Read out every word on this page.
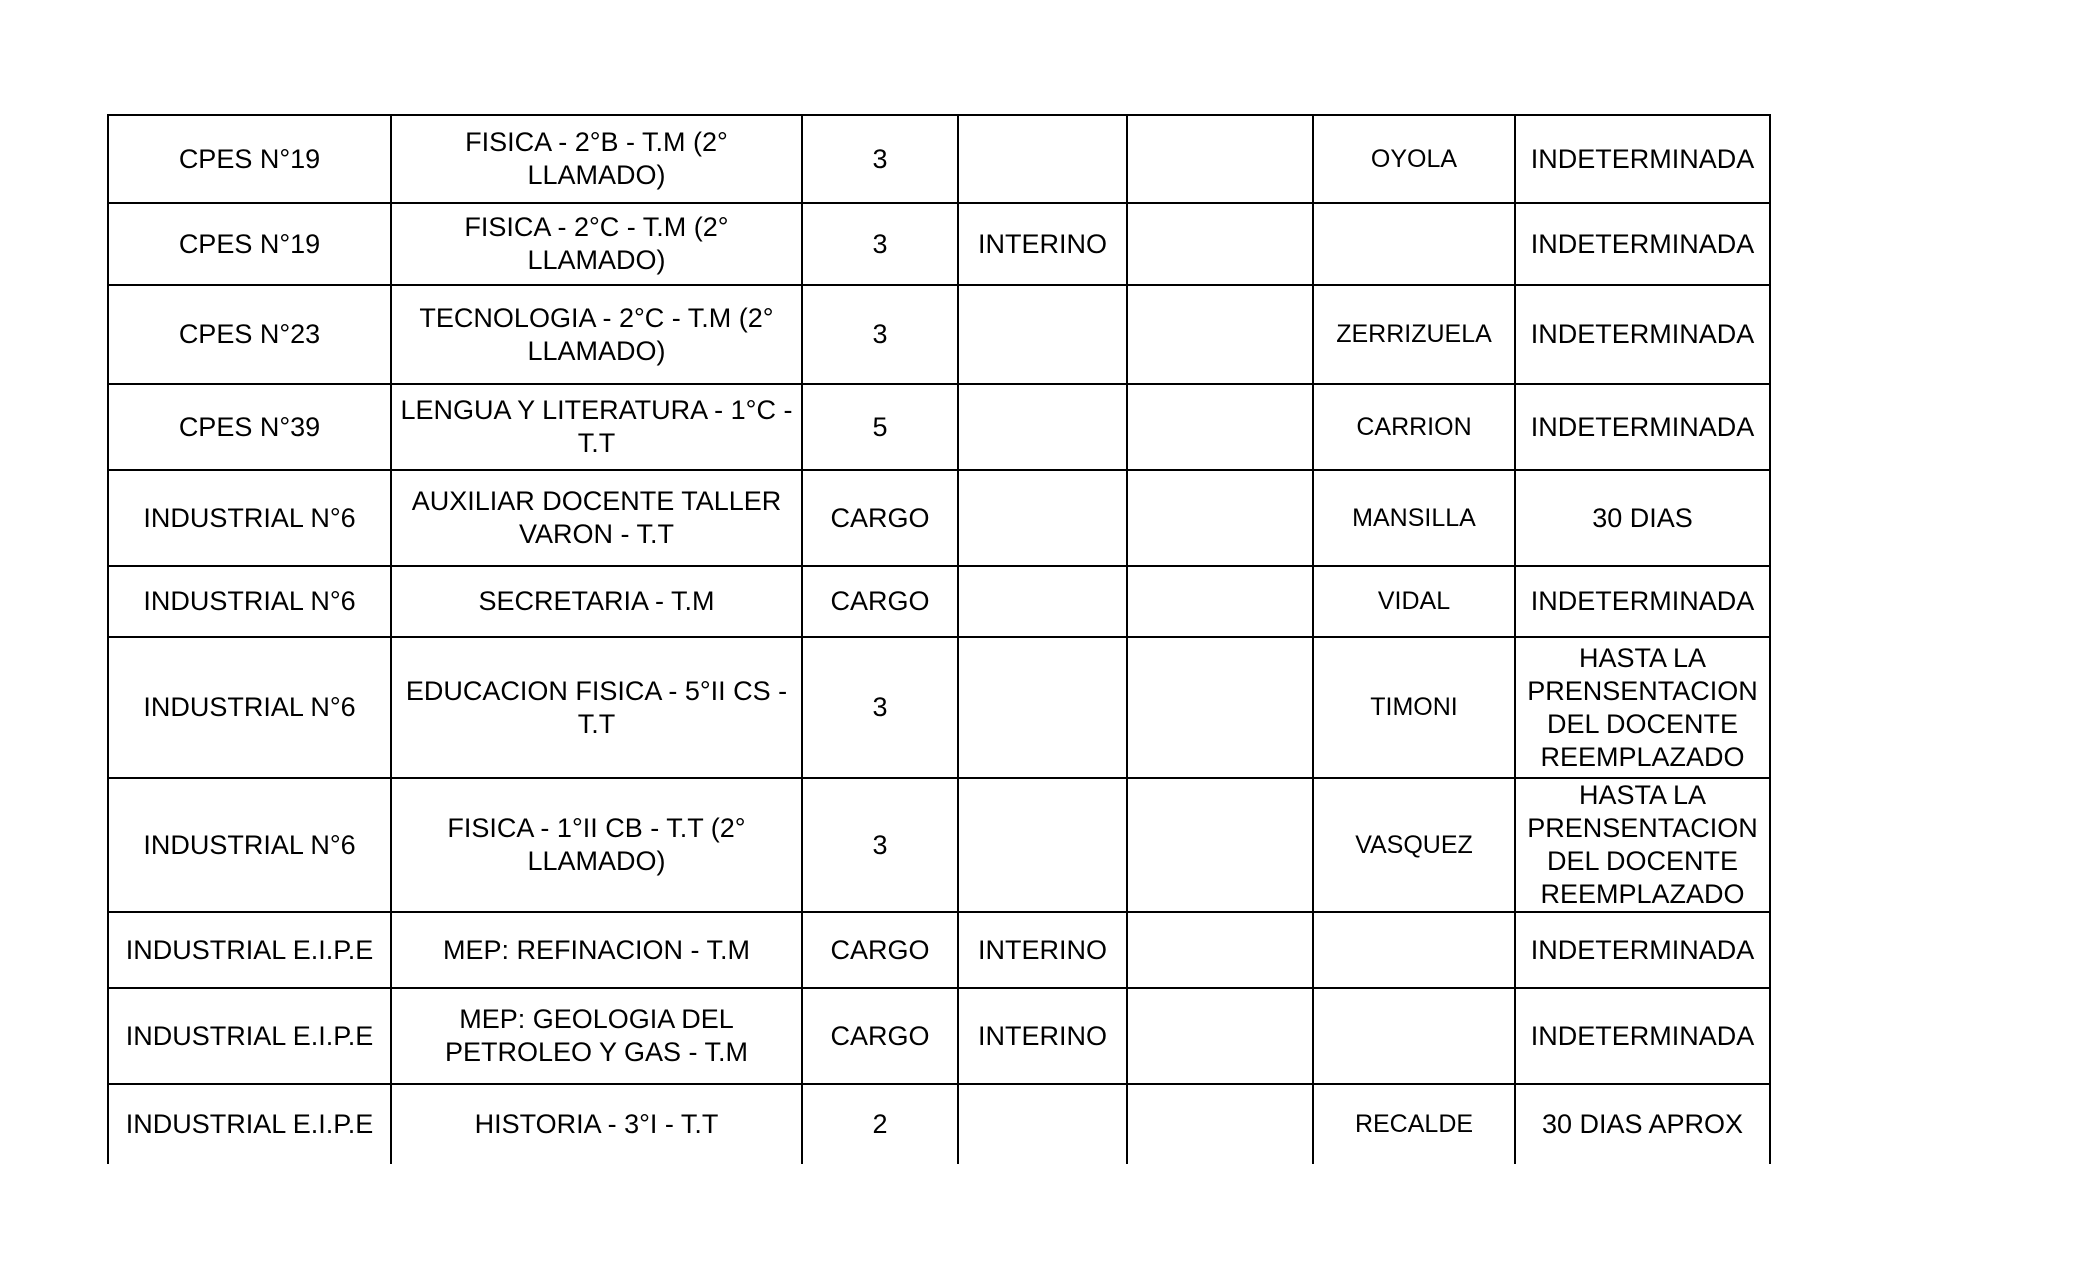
CPES N°19	FISICA - 2°B - T.M (2° LLAMADO)	3			OYOLA	INDETERMINADA

CPES N°19	FISICA - 2°C - T.M (2° LLAMADO)	3	INTERINO			INDETERMINADA

CPES N°23	TECNOLOGIA - 2°C - T.M (2° LLAMADO)	3			ZERRIZUELA	INDETERMINADA

CPES N°39	LENGUA Y LITERATURA - 1°C - T.T	5			CARRION	INDETERMINADA

INDUSTRIAL N°6	AUXILIAR DOCENTE TALLER VARON - T.T	CARGO			MANSILLA	30 DIAS

INDUSTRIAL N°6	SECRETARIA - T.M	CARGO			VIDAL	INDETERMINADA

INDUSTRIAL N°6	EDUCACION FISICA - 5°II CS - T.T	3			TIMONI	HASTA LA PRENSENTACION DEL DOCENTE REEMPLAZADO

INDUSTRIAL N°6	FISICA - 1°II CB - T.T (2° LLAMADO)	3			VASQUEZ	HASTA LA PRENSENTACION DEL DOCENTE REEMPLAZADO

INDUSTRIAL E.I.P.E	MEP: REFINACION - T.M	CARGO	INTERINO			INDETERMINADA

INDUSTRIAL E.I.P.E	MEP: GEOLOGIA DEL PETROLEO Y GAS - T.M	CARGO	INTERINO			INDETERMINADA

INDUSTRIAL E.I.P.E	HISTORIA - 3°I - T.T	2			RECALDE	30 DIAS APROX
